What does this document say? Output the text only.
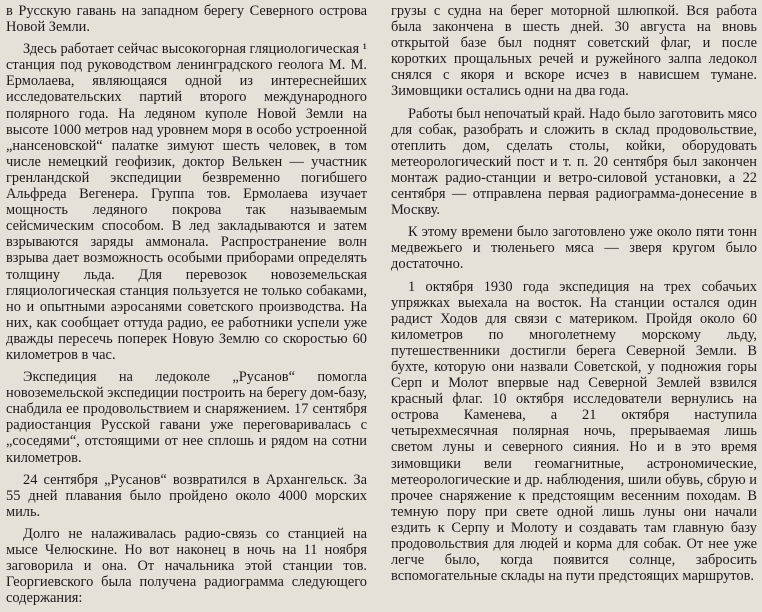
в Русскую гавань на западном берегу Северного острова Новой Земли.

Здесь работает сейчас высокогорная гляциологическая ¹ станция под руководством ленинградского геолога М. М. Ермолаева, являющаяся одной из интереснейших исследовательских партий второго международного полярного года. На ледяном куполе Новой Земли на высоте 1000 метров над уровнем моря в особо устроенной „нансеновской“ палатке зимуют шесть человек, в том числе немецкий геофизик, доктор Велькен — участник гренландской экспедиции безвременно погибшего Альфреда Вегенера. Группа тов. Ермолаева изучает мощность ледяного покрова так называемым сейсмическим способом. В лед закладываются и затем взрываются заряды аммонала. Распространение волн взрыва дает возможность особыми приборами определять толщину льда. Для перевозок новоземельская гляциологическая станция пользуется не только собаками, но и опытными аэросанями советского производства. На них, как сообщает оттуда радио, ее работники успели уже дважды пересечь поперек Новую Землю со скоростью 60 километров в час.

Экспедиция на ледоколе „Русанов“ помогла новоземельской экспедиции построить на берегу дом-базу, снабдила ее продовольствием и снаряжением. 17 сентября радиостанция Русской гавани уже переговаривалась с „соседями“, отстоящими от нее сплошь и рядом на сотни километров.

24 сентября „Русанов“ возвратился в Архангельск. За 55 дней плавания было пройдено около 4000 морских миль.

Долго не налаживалась радио-связь со станцией на мысе Челюскине. Но вот наконец в ночь на 11 ноября заговорила и она. От начальника этой станции тов. Георгиевского была получена радиограмма следующего содержания:

грузы с судна на берег моторной шлюпкой. Вся работа была закончена в шесть дней. 30 августа на вновь открытой базе был поднят советский флаг, и после коротких прощальных речей и ружейного залпа ледокол снялся с якоря и вскоре исчез в нависшем тумане. Зимовщики остались одни на два года.

Работы был непочатый край. Надо было заготовить мясо для собак, разобрать и сложить в склад продовольствие, отеплить дом, сделать столы, койки, оборудовать метеорологический пост и т. п. 20 сентября был закончен монтаж радио-станции и ветро-силовой установки, а 22 сентября — отправлена первая радиограмма-донесение в Москву.

К этому времени было заготовлено уже около пяти тонн медвежьего и тюленьего мяса — зверя кругом было достаточно.

1 октября 1930 года экспедиция на трех собачьих упряжках выехала на восток. На станции остался один радист Ходов для связи с материком. Пройдя около 60 километров по многолетнему морскому льду, путешественники достигли берега Северной Земли. В бухте, которую они назвали Советской, у подножия горы Серп и Молот впервые над Северной Землей взвился красный флаг. 10 октября исследователи вернулись на острова Каменева, а 21 октября наступила четырехмесячная полярная ночь, прерываемая лишь светом луны и северного сияния. Но и в это время зимовщики вели геомагнитные, астрономические, метеорологические и др. наблюдения, шили обувь, сбрую и прочее снаряжение к предстоящим весенним походам. В темную пору при свете одной лишь луны они начали ездить к Серпу и Молоту и создавать там главную базу продовольствия для людей и корма для собак. От нее уже легче было, когда появится солнце, забросить вспомогательные склады на пути предстоящих маршрутов.
